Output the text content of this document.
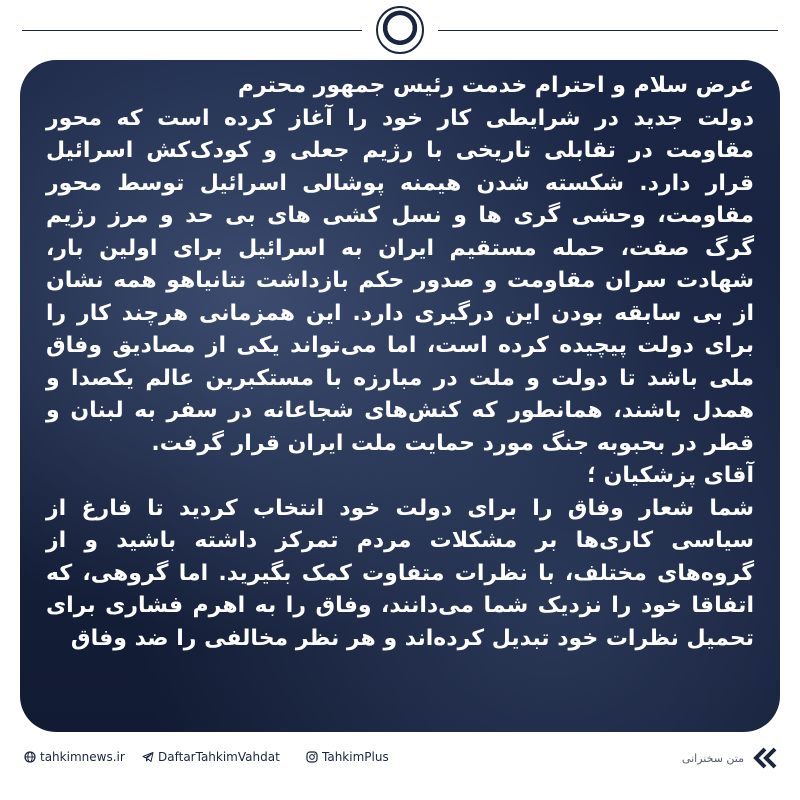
عرض سلام و احترام خدمت رئیس جمهور محترم

دولت جدید در شرایطی کار خود را آغاز کرده است که محور مقاومت در تقابلی تاریخی با رژیم جعلی و کودک‌کش اسرائیل قرار دارد. شکسته شدن هیمنه پوشالی اسرائیل توسط محور مقاومت، وحشی گری ها و نسل کشی های بی حد و مرز رژیم گرگ صفت، حمله مستقیم ایران به اسرائیل برای اولین بار، شهادت سران مقاومت و صدور حکم بازداشت نتانیاهو همه نشان از بی سابقه بودن این درگیری دارد. این همزمانی هرچند کار را برای دولت پیچیده کرده است، اما می‌تواند یکی از مصادیق وفاق ملی باشد تا دولت و ملت در مبارزه با مستکبرین عالم یکصدا و همدل باشند، همانطور که کنش‌های شجاعانه در سفر به لبنان و قطر در بحبوبه جنگ مورد حمایت ملت ایران قرار گرفت.

آقای پزشکیان ؛

شما شعار وفاق را برای دولت خود انتخاب کردید تا فارغ از سیاسی کاری‌ها بر مشکلات مردم تمرکز داشته باشید و از گروه‌های مختلف، با نظرات متفاوت کمک بگیرید. اما گروهی، که اتفاقا خود را نزدیک شما می‌دانند، وفاق را به اهرم فشاری برای تحمیل نظرات خود تبدیل کرده‌اند و هر نظر مخالفی را ضد وفاق

tahkimnews.ir	DaftarTahkimVahdat	TahkimPlus	متن سخنرانی
